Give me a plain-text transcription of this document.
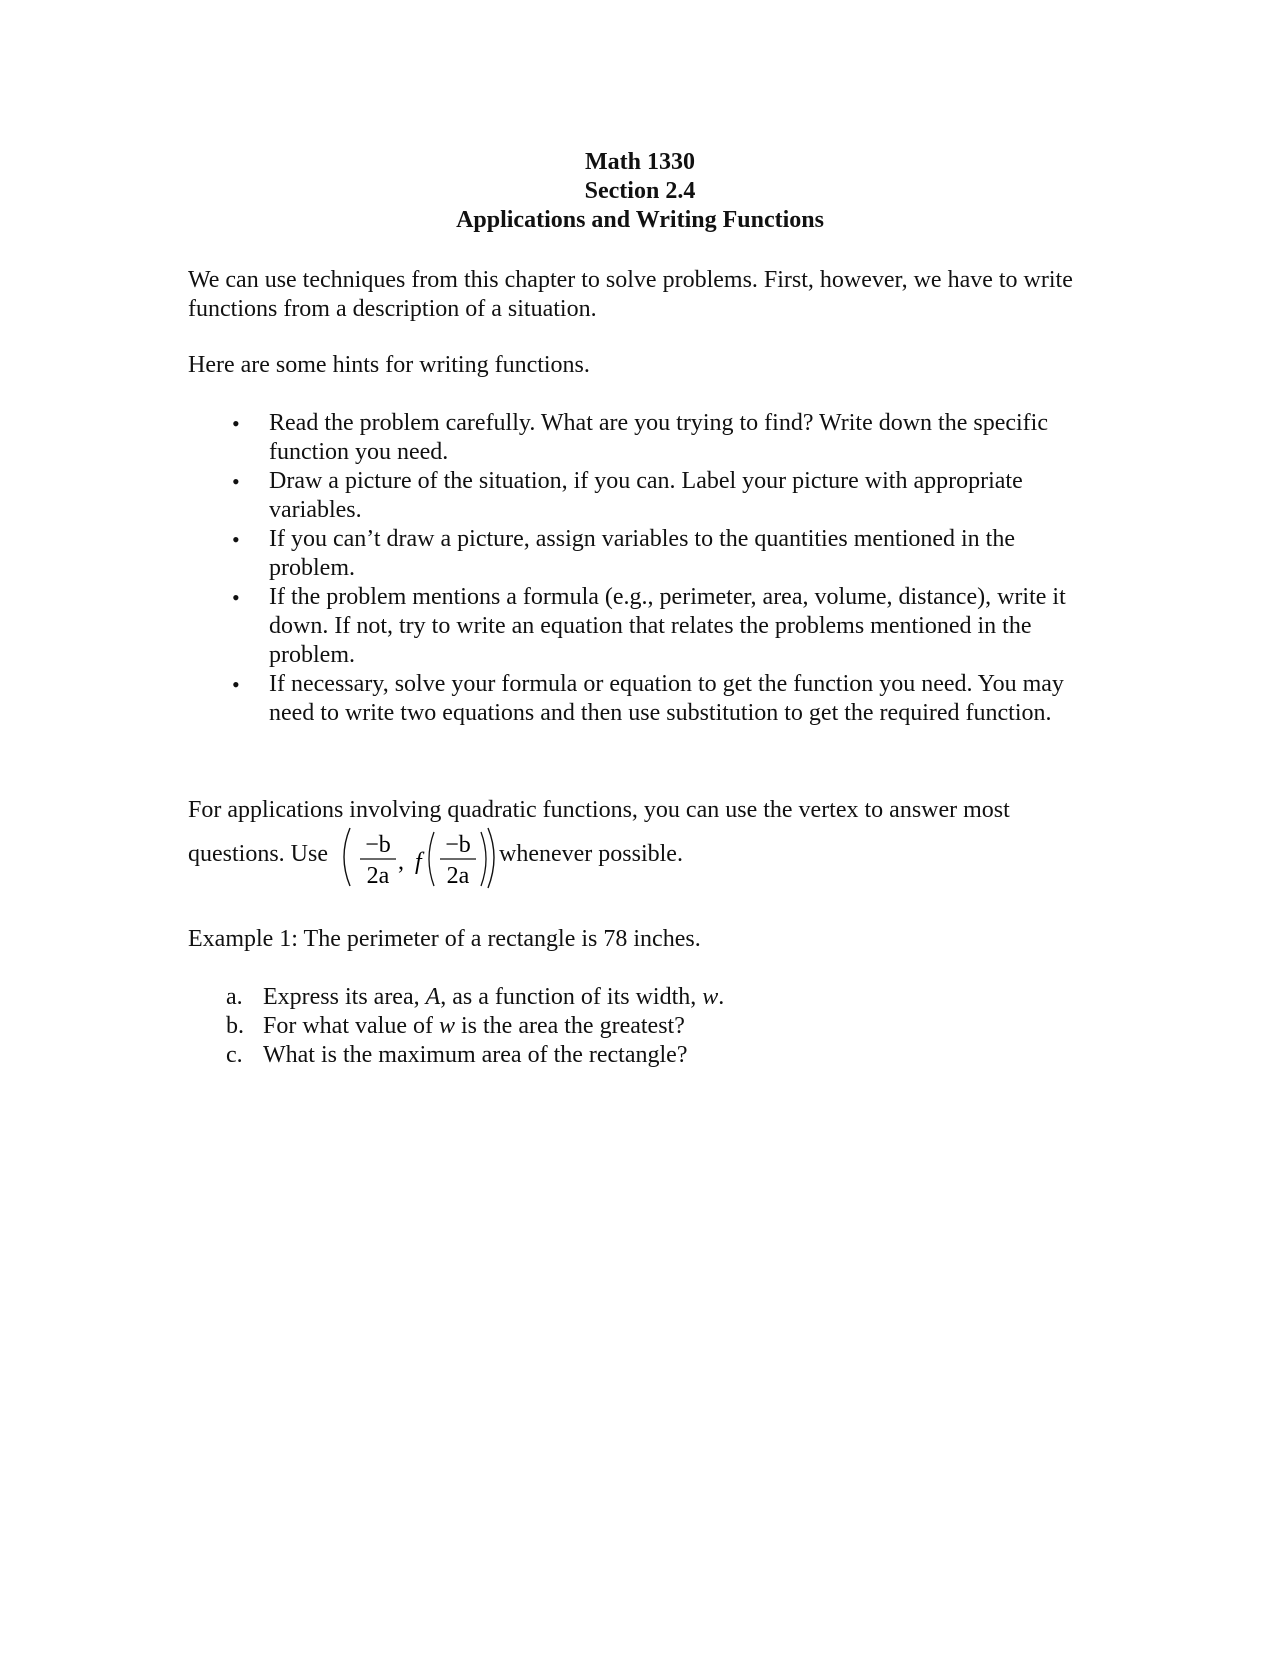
Math 1330
Section 2.4
Applications and Writing Functions
We can use techniques from this chapter to solve problems. First, however, we have to write functions from a description of a situation.
Here are some hints for writing functions.
• Read the problem carefully. What are you trying to find? Write down the specific function you need.
• Draw a picture of the situation, if you can. Label your picture with appropriate variables.
• If you can’t draw a picture, assign variables to the quantities mentioned in the problem.
• If the problem mentions a formula (e.g., perimeter, area, volume, distance), write it down. If not, try to write an equation that relates the problems mentioned in the problem.
• If necessary, solve your formula or equation to get the function you need. You may need to write two equations and then use substitution to get the required function.
For applications involving quadratic functions, you can use the vertex to answer most
questions. Use −b
2a
, f
−b
2a
whenever possible.
Example 1: The perimeter of a rectangle is 78 inches.
a. Express its area, A, as a function of its width, w.
b. For what value of w is the area the greatest?
c. What is the maximum area of the rectangle?
